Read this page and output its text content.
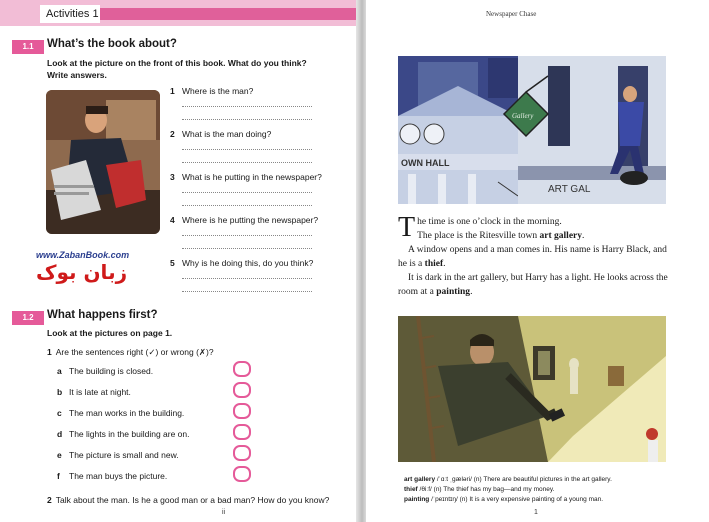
Activities 1
1.1	What’s the book about?
Look at the picture on the front of this book. What do you think? Write answers.
1 Where is the man?
2 What is the man doing?
3 What is he putting in the newspaper?
4 Where is he putting the newspaper?
5 Why is he doing this, do you think?
www.ZabanBook.com
زبان بوک
1.2	What happens first?
Look at the pictures on page 1.
1 Are the sentences right (✓) or wrong (✗)?
a The building is closed.
b It is late at night.
c The man works in the building.
d The lights in the building are on.
e The picture is small and new.
f The man buys the picture.
2 Talk about the man. Is he a good man or a bad man? How do you know?
ii
Newspaper Chase
OWN HALL
ART GAL
Gallery

The time is one o’clock in the morning.
The place is the Ritesville town art gallery.

A window opens and a man comes in. His name is Harry Black, and he is a thief.

It is dark in the art gallery, but Harry has a light. He looks across the room at a painting.

art gallery /ˈɑːt ˌɡæləri/ (n) There are beautiful pictures in the art gallery.
thief /θiːf/ (n) The thief has my bag—and my money.
painting /ˈpeɪntɪŋ/ (n) It is a very expensive painting of a young man.
1
